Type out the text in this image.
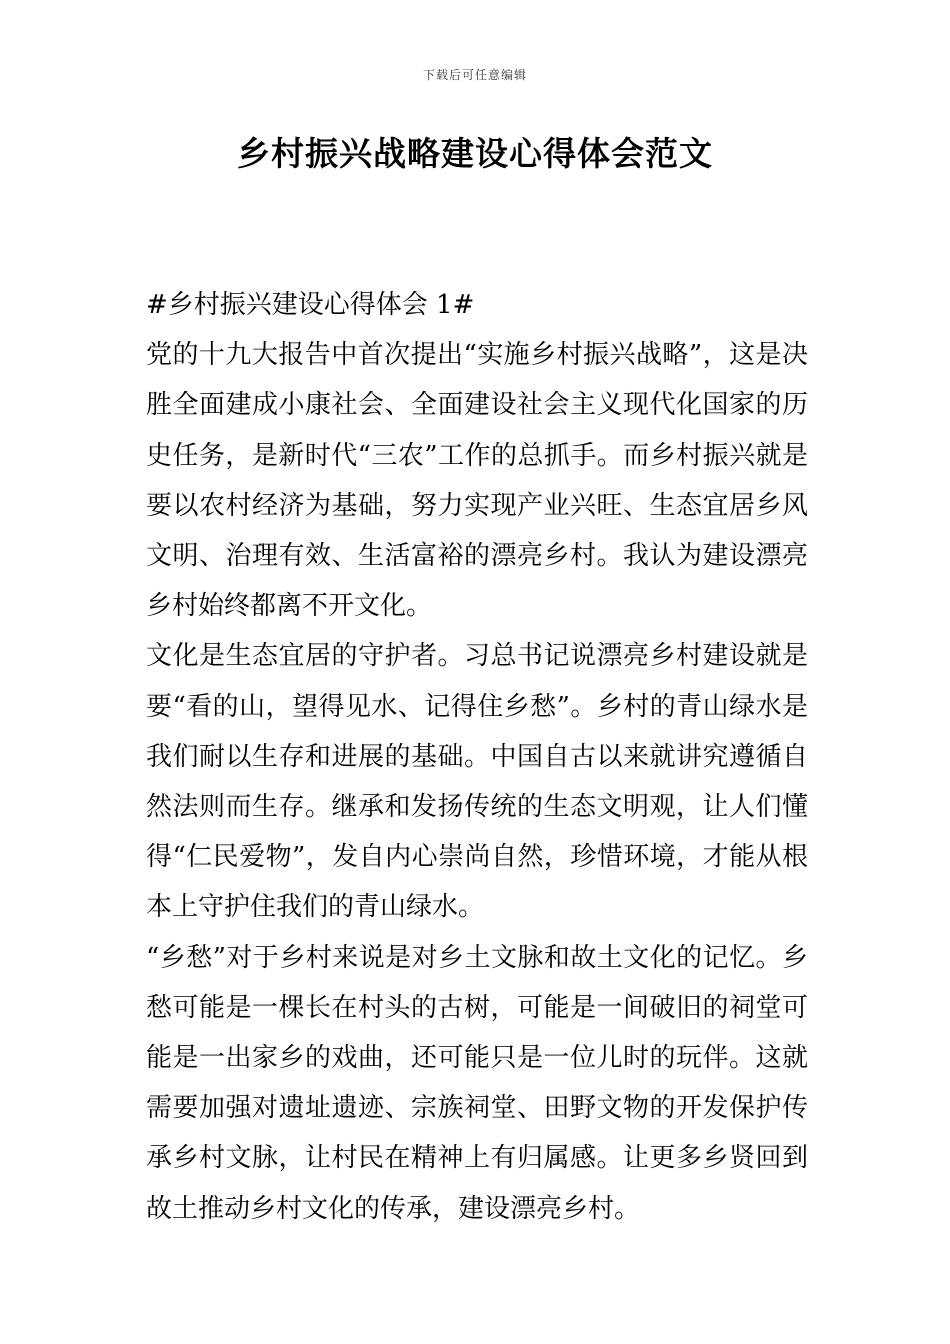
下载后可任意编辑
乡村振兴战略建设心得体会范文

#乡村振兴建设心得体会 1#

党的十九大报告中首次提出“实施乡村振兴战略”，这是决胜全面建成小康社会、全面建设社会主义现代化国家的历史任务，是新时代“三农”工作的总抓手。而乡村振兴就是要以农村经济为基础，努力实现产业兴旺、生态宜居乡风文明、治理有效、生活富裕的漂亮乡村。我认为建设漂亮乡村始终都离不开文化。

文化是生态宜居的守护者。习总书记说漂亮乡村建设就是要“看的山，望得见水、记得住乡愁”。乡村的青山绿水是我们耐以生存和进展的基础。中国自古以来就讲究遵循自然法则而生存。继承和发扬传统的生态文明观，让人们懂得“仁民爱物”，发自内心崇尚自然，珍惜环境，才能从根本上守护住我们的青山绿水。

“乡愁”对于乡村来说是对乡土文脉和故土文化的记忆。乡愁可能是一棵长在村头的古树，可能是一间破旧的祠堂可能是一出家乡的戏曲，还可能只是一位儿时的玩伴。这就需要加强对遗址遗迹、宗族祠堂、田野文物的开发保护传承乡村文脉，让村民在精神上有归属感。让更多乡贤回到故土推动乡村文化的传承，建设漂亮乡村。
